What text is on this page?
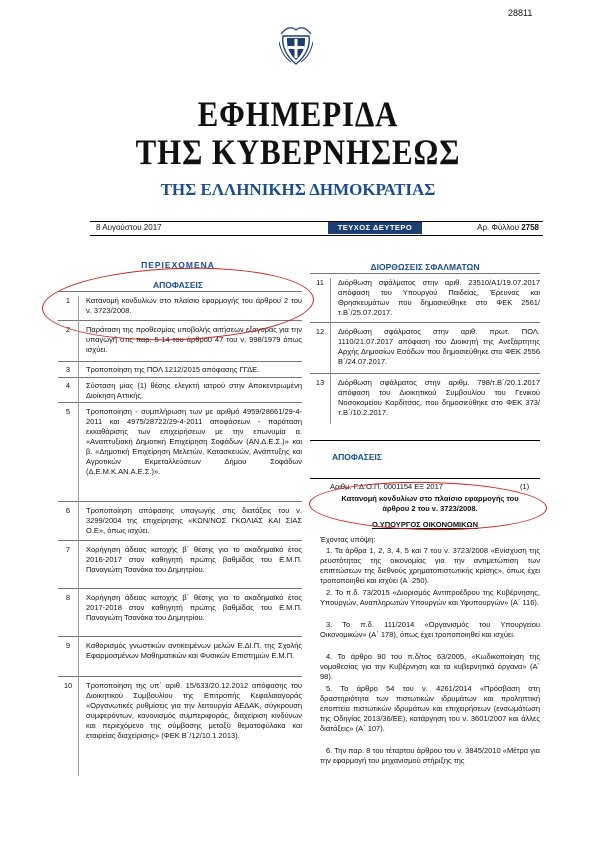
28811
ΕΦΗΜΕΡΙΔΑ
ΤΗΣ ΚΥΒΕΡΝΗΣΕΩΣ
ΤΗΣ ΕΛΛΗΝΙΚΗΣ ΔΗΜΟΚΡΑΤΙΑΣ
8 Αυγούστου 2017	ΤΕΥΧΟΣ ΔΕΥΤΕΡΟ	Αρ. Φύλλου 2758
ΠΕΡΙΕΧΟΜΕΝΑ
ΑΠΟΦΑΣΕΙΣ
1	Κατανομή κονδυλίων στο πλαίσιο εφαρμογής του άρθρου 2 του ν. 3723/2008.
2	Παράταση της προθεσμίας υποβολής αιτήσεων εξαγοράς για την υπαγωγή στις παρ. 5-14 του άρθρου 47 του ν. 998/1979 όπως ισχύει.
3	Τροποποίηση της ΠΟΛ 1212/2015 απόφασης ΓΓΔΕ.
4	Σύσταση μίας (1) θέσης ελεγκτή ιατρού στην Αποκεντρωμένη Διοίκηση Αττικής.
5	Τροποποίηση - συμπλήρωση των με αριθμό 4959/28661/29-4-2011 και 4975/28722/29-4-2011 αποφάσεων - παράταση εκκαθάρισης των επιχειρήσεων με την επωνυμία α. «Αναπτυξιακή Δημοτική Επιχείρηση Σοφάδων (ΑΝ.Δ.Ε.Σ.)» και β. «Δημοτική Επιχείρηση Μελετών, Κατασκευών, Ανάπτυξης και Αγροτικών Εκμεταλλεύσεων Δήμου Σοφάδων (Δ.Ε.Μ.Κ.ΑΝ.Α.Ε.Σ.)».
6	Τροποποίηση απόφασης υπαγωγής στις διατάξεις του ν. 3299/2004 της επιχείρησης «ΚΩΝ/ΝΟΣ ΓΚΟΛΙΑΣ ΚΑΙ ΣΙΑΣ Ο.Ε», όπως ισχύει.
7	Χορήγηση άδειας κατοχής β΄ θέσης για το ακαδημαϊκό έτος 2016-2017 στον καθηγητή πρώτης βαθμίδας του Ε.Μ.Π. Παναγιώτη Τσανάκα του Δημητρίου.
8	Χορήγηση άδειας κατοχής β΄ θέσης για το ακαδημαϊκό έτος 2017-2018 στον καθηγητή πρώτης βαθμίδας του Ε.Μ.Π. Παναγιώτη Τσανάκα του Δημητρίου.
9	Καθορισμός γνωστικών αντικειμένων μελών Ε.ΔΙ.Π. της Σχολής Εφαρμοσμένων Μαθηματικών και Φυσικών Επιστημών Ε.Μ.Π.
10	Τροποποίηση της υπ΄ αριθ. 15/633/20.12.2012 απόφασης του Διοικητικού Συμβουλίου της Επιτροπής Κεφαλαιαγοράς «Οργανωτικές ρυθμίσεις για την λειτουργία ΑΕΔΑΚ, σύγκρουση συμφερόντων, κανονισμός συμπεριφοράς, διαχείριση κινδύνων και περιεχόμενο της σύμβασης μεταξύ θεματοφύλακα και εταιρείας διαχείρισης» (ΦΕΚ Β΄/12/10.1.2013).
ΔΙΟΡΘΩΣΕΙΣ ΣΦΑΛΜΑΤΩΝ
11	Διόρθωση σφάλματος στην αριθ. 23510/Α1/19.07.2017 απόφαση του Υπουργού Παιδείας, Έρευνας και Θρησκευμάτων που δημοσιεύθηκε στο ΦΕΚ 2561/τ.Β΄/25.07.2017.
12	Διόρθωση σφάλματος στην αριθ. πρωτ. ΠΟΛ. 1110/21.07.2017 απόφαση του Διοικητή της Ανεξάρτητης Αρχής Δημοσίων Εσόδων που δημοσιεύθηκε στο ΦΕΚ 2556 Β΄/24.07.2017.
13	Διόρθωση σφάλματος στην αριθμ. 798/τ.Β΄/20.1.2017 απόφαση του Διοικητικού Συμβουλίου του Γενικού Νοσοκομείου Καρδίτσας, που δημοσιεύθηκε στο ΦΕΚ 373/τ.Β΄/10.2.2017.
ΑΠΟΦΑΣΕΙΣ
Αριθμ. Γ.Δ.Ο.Π. 0001154 ΕΞ 2017	(1)
Κατανομή κονδυλίων στο πλαίσιο εφαρμογής του άρθρου 2 του ν. 3723/2008.
Ο ΥΠΟΥΡΓΟΣ ΟΙΚΟΝΟΜΙΚΩΝ
Έχοντας υπόψη:
1. Τα άρθρα 1, 2, 3, 4, 5 και 7 του ν. 3723/2008 «Ενίσχυση της ρευστότητας της οικονομίας για την αντιμετώπιση των επιπτώσεων της διεθνούς χρηματοπιστωτικής κρίσης», όπως έχει τροποποιηθεί και ισχύει (Α΄ 250).
2. Το π.δ. 73/2015 «Διορισμός Αντιπροέδρου της Κυβέρνησης, Υπουργών, Αναπληρωτών Υπουργών και Υφυπουργών» (Α΄ 116).
3. Το π.δ. 111/2014 «Οργανισμός του Υπουργείου Οικονομικών» (Α΄ 178), όπως έχει τροποποιηθεί και ισχύει.
4. Το άρθρο 90 του π.δ/τος 63/2005, «Κωδικοποίηση της νομοθεσίας για την Κυβέρνηση και τα κυβερνητικά όργανα» (Α΄ 98).
5. Το άρθρο 54 του ν. 4261/2014 «Πρόσβαση στη δραστηριότητα των πιστωτικών ιδρυμάτων και προληπτική εποπτεία πιστωτικών ιδρυμάτων και επιχειρήσεων (ενσωμάτωση της Οδηγίας 2013/36/ΕΕ), κατάργηση του ν. 3601/2007 και άλλες διατάξεις» (Α΄ 107).
6. Την παρ. 8 του τέταρτου άρθρου του ν. 3845/2010 «Μέτρα για την εφαρμογή του μηχανισμού στήριξης της
